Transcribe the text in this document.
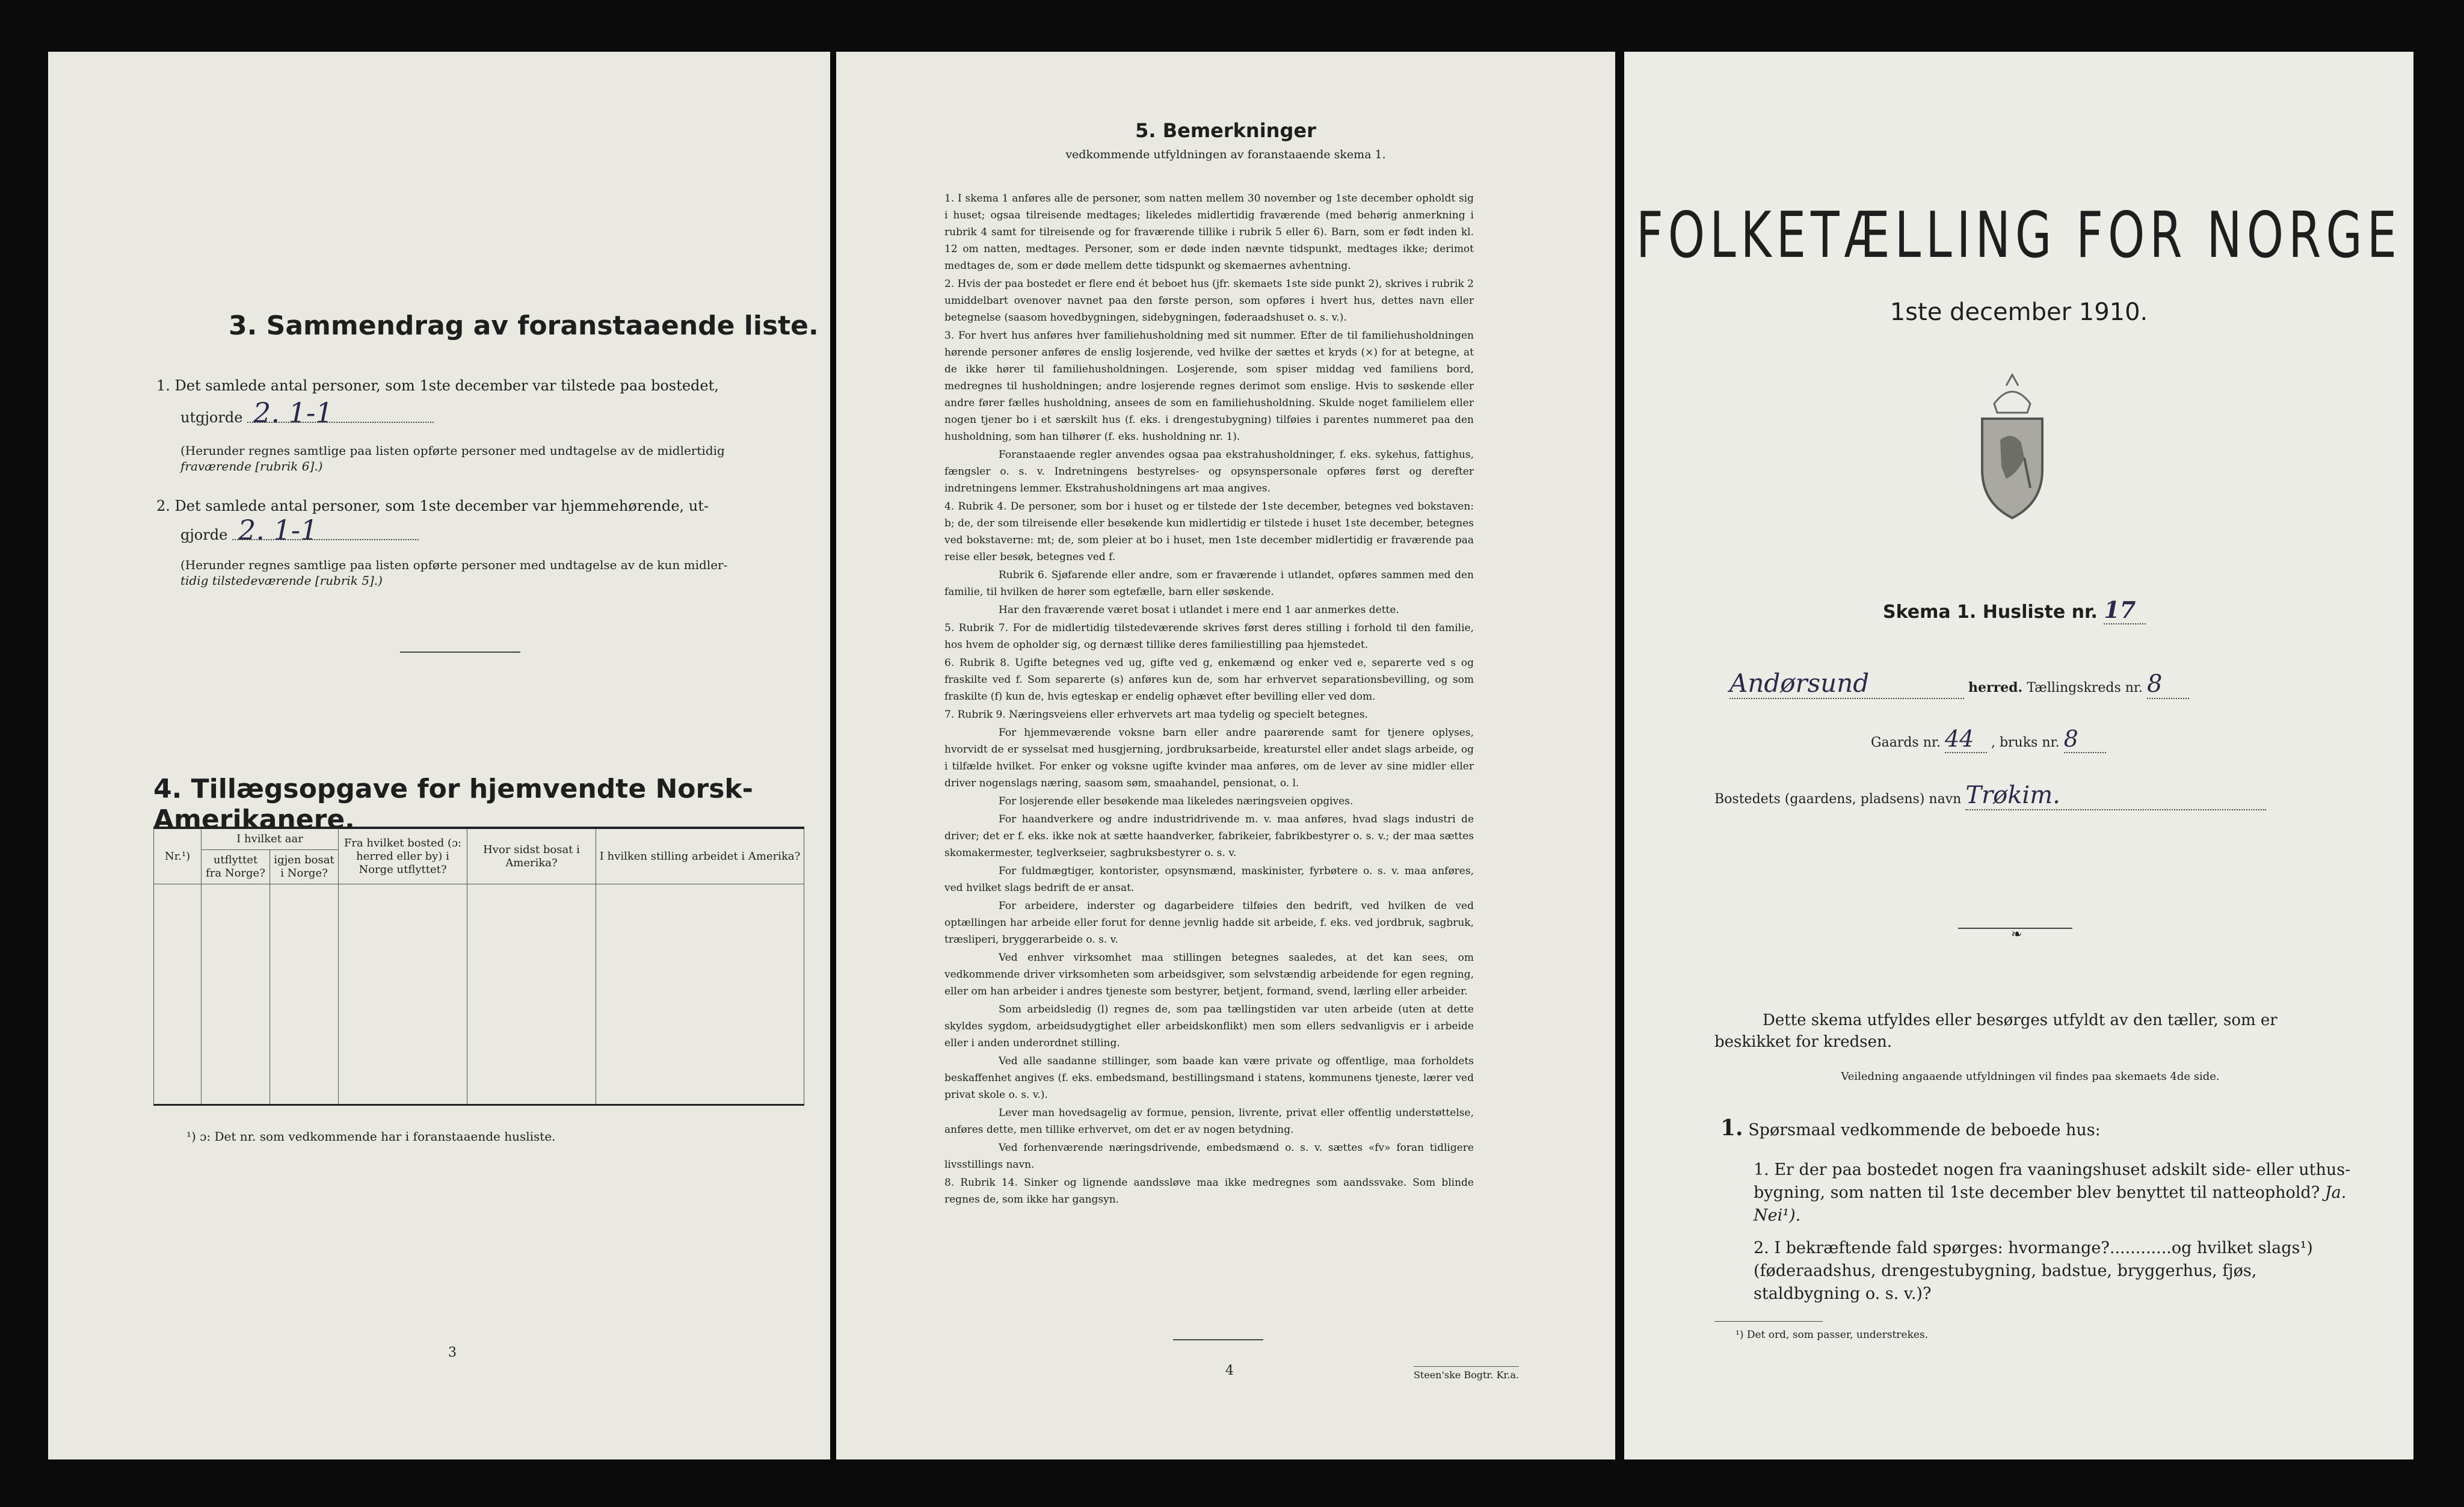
3. Sammendrag av foranstaaende liste.
1. Det samlede antal personer, som 1ste december var tilstede paa bostedet,
utgjorde 2. 1-1
(Herunder regnes samtlige paa listen opførte personer med undtagelse av de midlertidig
fraværende [rubrik 6].)
2. Det samlede antal personer, som 1ste december var hjemmehørende, ut-
gjorde 2. 1-1
(Herunder regnes samtlige paa listen opførte personer med undtagelse av de kun midler-
tidig tilstedeværende [rubrik 5].)
4. Tillægsopgave for hjemvendte Norsk-Amerikanere.
Nr.¹)	I hvilket aar		Fra hvilket bosted (ɔ: herred eller by) i Norge utflyttet?	Hvor sidst bosat i Amerika?	I hvilken stilling arbeidet i Amerika?
	utflyttet fra Norge?	igjen bosat i Norge?			

¹) ɔ: Det nr. som vedkommende har i foranstaaende husliste.
3
5. Bemerkninger
vedkommende utfyldningen av foranstaaende skema 1.

1. I skema 1 anføres alle de personer, som natten mellem 30 november og 1ste december opholdt sig i huset; ogsaa tilreisende medtages; likeledes midlertidig fraværende (med behørig anmerkning i rubrik 4 samt for tilreisende og for fraværende tillike i rubrik 5 eller 6). Barn, som er født inden kl. 12 om natten, medtages. Personer, som er døde inden nævnte tidspunkt, medtages ikke; derimot medtages de, som er døde mellem dette tidspunkt og skemaernes avhentning.

2. Hvis der paa bostedet er flere end ét beboet hus (jfr. skemaets 1ste side punkt 2), skrives i rubrik 2 umiddelbart ovenover navnet paa den første person, som opføres i hvert hus, dettes navn eller betegnelse (saasom hovedbygningen, sidebygningen, føderaadshuset o. s. v.).

3. For hvert hus anføres hver familiehusholdning med sit nummer. Efter de til familiehusholdningen hørende personer anføres de enslig losjerende, ved hvilke der sættes et kryds (×) for at betegne, at de ikke hører til familiehusholdningen. Losjerende, som spiser middag ved familiens bord, medregnes til husholdningen; andre losjerende regnes derimot som enslige. Hvis to søskende eller andre fører fælles husholdning, ansees de som en familiehusholdning. Skulde noget familielem eller nogen tjener bo i et særskilt hus (f. eks. i drengestubygning) tilføies i parentes nummeret paa den husholdning, som han tilhører (f. eks. husholdning nr. 1).

Foranstaaende regler anvendes ogsaa paa ekstrahusholdninger, f. eks. sykehus, fattighus, fængsler o. s. v. Indretningens bestyrelses- og opsynspersonale opføres først og derefter indretningens lemmer. Ekstrahusholdningens art maa angives.

4. Rubrik 4. De personer, som bor i huset og er tilstede der 1ste december, betegnes ved bokstaven: b; de, der som tilreisende eller besøkende kun midlertidig er tilstede i huset 1ste december, betegnes ved bokstaverne: mt; de, som pleier at bo i huset, men 1ste december midlertidig er fraværende paa reise eller besøk, betegnes ved f.

Rubrik 6. Sjøfarende eller andre, som er fraværende i utlandet, opføres sammen med den familie, til hvilken de hører som egtefælle, barn eller søskende.

Har den fraværende været bosat i utlandet i mere end 1 aar anmerkes dette.

5. Rubrik 7. For de midlertidig tilstedeværende skrives først deres stilling i forhold til den familie, hos hvem de opholder sig, og dernæst tillike deres familiestilling paa hjemstedet.

6. Rubrik 8. Ugifte betegnes ved ug, gifte ved g, enkemænd og enker ved e, separerte ved s og fraskilte ved f. Som separerte (s) anføres kun de, som har erhvervet separationsbevilling, og som fraskilte (f) kun de, hvis egteskap er endelig ophævet efter bevilling eller ved dom.

7. Rubrik 9. Næringsveiens eller erhvervets art maa tydelig og specielt betegnes.

For hjemmeværende voksne barn eller andre paarørende samt for tjenere oplyses, hvorvidt de er sysselsat med husgjerning, jordbruksarbeide, kreaturstel eller andet slags arbeide, og i tilfælde hvilket. For enker og voksne ugifte kvinder maa anføres, om de lever av sine midler eller driver nogenslags næring, saasom søm, smaahandel, pensionat, o. l.

For losjerende eller besøkende maa likeledes næringsveien opgives.

For haandverkere og andre industridrivende m. v. maa anføres, hvad slags industri de driver; det er f. eks. ikke nok at sætte haandverker, fabrikeier, fabrikbestyrer o. s. v.; der maa sættes skomakermester, teglverkseier, sagbruksbestyrer o. s. v.

For fuldmægtiger, kontorister, opsynsmænd, maskinister, fyrbøtere o. s. v. maa anføres, ved hvilket slags bedrift de er ansat.

For arbeidere, inderster og dagarbeidere tilføies den bedrift, ved hvilken de ved optællingen har arbeide eller forut for denne jevnlig hadde sit arbeide, f. eks. ved jordbruk, sagbruk, træsliperi, bryggerarbeide o. s. v.

Ved enhver virksomhet maa stillingen betegnes saaledes, at det kan sees, om vedkommende driver virksomheten som arbeidsgiver, som selvstændig arbeidende for egen regning, eller om han arbeider i andres tjeneste som bestyrer, betjent, formand, svend, lærling eller arbeider.

Som arbeidsledig (l) regnes de, som paa tællingstiden var uten arbeide (uten at dette skyldes sygdom, arbeidsudygtighet eller arbeidskonflikt) men som ellers sedvanligvis er i arbeide eller i anden underordnet stilling.

Ved alle saadanne stillinger, som baade kan være private og offentlige, maa forholdets beskaffenhet angives (f. eks. embedsmand, bestillingsmand i statens, kommunens tjeneste, lærer ved privat skole o. s. v.).

Lever man hovedsagelig av formue, pension, livrente, privat eller offentlig understøttelse, anføres dette, men tillike erhvervet, om det er av nogen betydning.

Ved forhenværende næringsdrivende, embedsmænd o. s. v. sættes «fv» foran tidligere livsstillings navn.

8. Rubrik 14. Sinker og lignende aandssløve maa ikke medregnes som aandssvake. Som blinde regnes de, som ikke har gangsyn.

4	Steen'ske Bogtr. Kr.a.
FOLKETÆLLING FOR NORGE
1ste december 1910.
Skema 1. Husliste nr. 17
Andørsund	herred. Tællingskreds nr. 8
Gaards nr. 44 , bruks nr. 8
Bostedets (gaardens, pladsens) navn Trøkim.
❧
Dette skema utfyldes eller besørges utfyldt av den tæller, som er beskikket for kredsen.
Veiledning angaaende utfyldningen vil findes paa skemaets 4de side.
1. Spørsmaal vedkommende de beboede hus:
1. Er der paa bostedet nogen fra vaaningshuset adskilt side- eller uthus-bygning, som natten til 1ste december blev benyttet til natteophold? Ja. Nei¹).
2. I bekræftende fald spørges: hvormange?............og hvilket slags¹) (føderaadshus, drengestubygning, badstue, bryggerhus, fjøs, staldbygning o. s. v.)?
¹) Det ord, som passer, understrekes.
